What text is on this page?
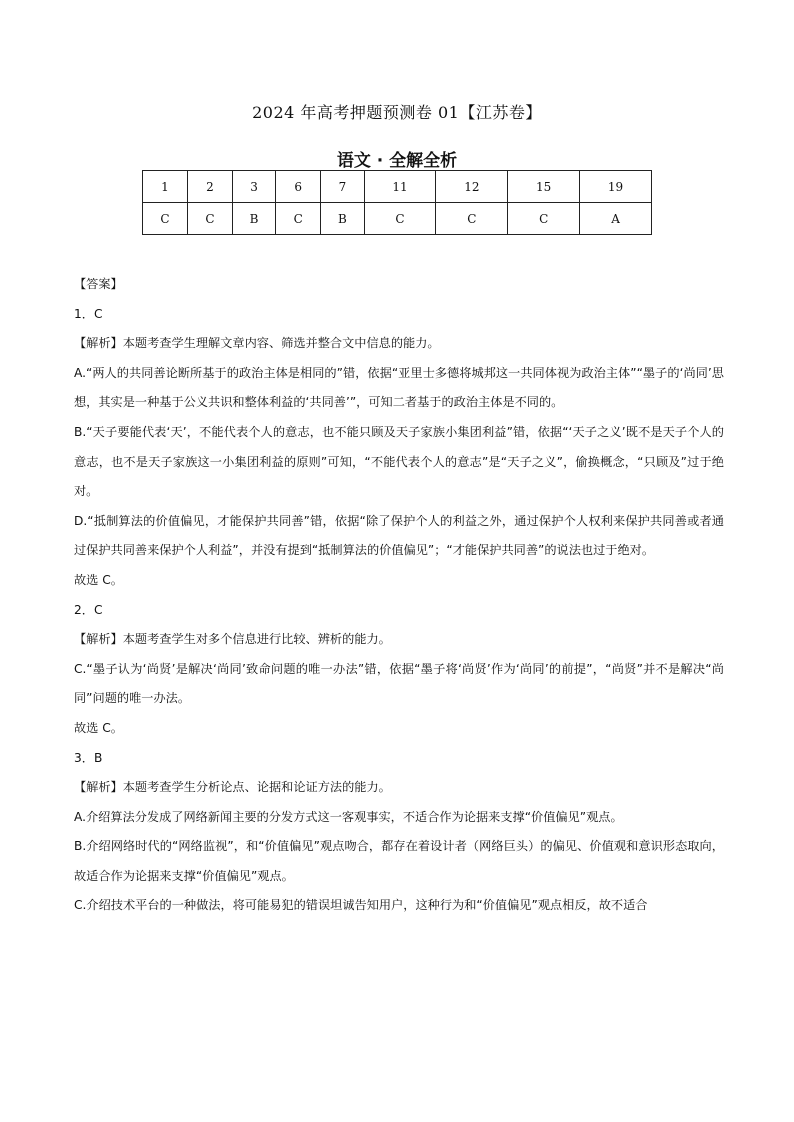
2024 年高考押题预测卷 01【江苏卷】
语文 · 全解全析
1	2	3	6	7	11	12	15	19
C	C	B	C	B	C	C	C	A

【答案】

1．C

【解析】本题考查学生理解文章内容、筛选并整合文中信息的能力。

A.“两人的共同善论断所基于的政治主体是相同的”错，依据“亚里士多德将城邦这一共同体视为政治主体”“墨子的‘尚同’思想，其实是一种基于公义共识和整体利益的‘共同善’”，可知二者基于的政治主体是不同的。

B.“天子要能代表‘天’，不能代表个人的意志，也不能只顾及天子家族小集团利益”错，依据“‘天子之义’既不是天子个人的意志，也不是天子家族这一小集团利益的原则”可知，“不能代表个人的意志”是“天子之义”，偷换概念，“只顾及”过于绝对。

D.“抵制算法的价值偏见，才能保护共同善”错，依据“除了保护个人的利益之外，通过保护个人权利来保护共同善或者通过保护共同善来保护个人利益”，并没有提到“抵制算法的价值偏见”；“才能保护共同善”的说法也过于绝对。

故选 C。

2．C

【解析】本题考查学生对多个信息进行比较、辨析的能力。

C.“墨子认为‘尚贤’是解决‘尚同’致命问题的唯一办法”错，依据“墨子将‘尚贤’作为‘尚同’的前提”，“尚贤”并不是解决“尚同”问题的唯一办法。

故选 C。

3．B

【解析】本题考查学生分析论点、论据和论证方法的能力。

A.介绍算法分发成了网络新闻主要的分发方式这一客观事实，不适合作为论据来支撑“价值偏见”观点。

B.介绍网络时代的“网络监视”，和“价值偏见”观点吻合，都存在着设计者（网络巨头）的偏见、价值观和意识形态取向，故适合作为论据来支撑“价值偏见”观点。

C.介绍技术平台的一种做法，将可能易犯的错误坦诚告知用户，这种行为和“价值偏见”观点相反，故不适合
